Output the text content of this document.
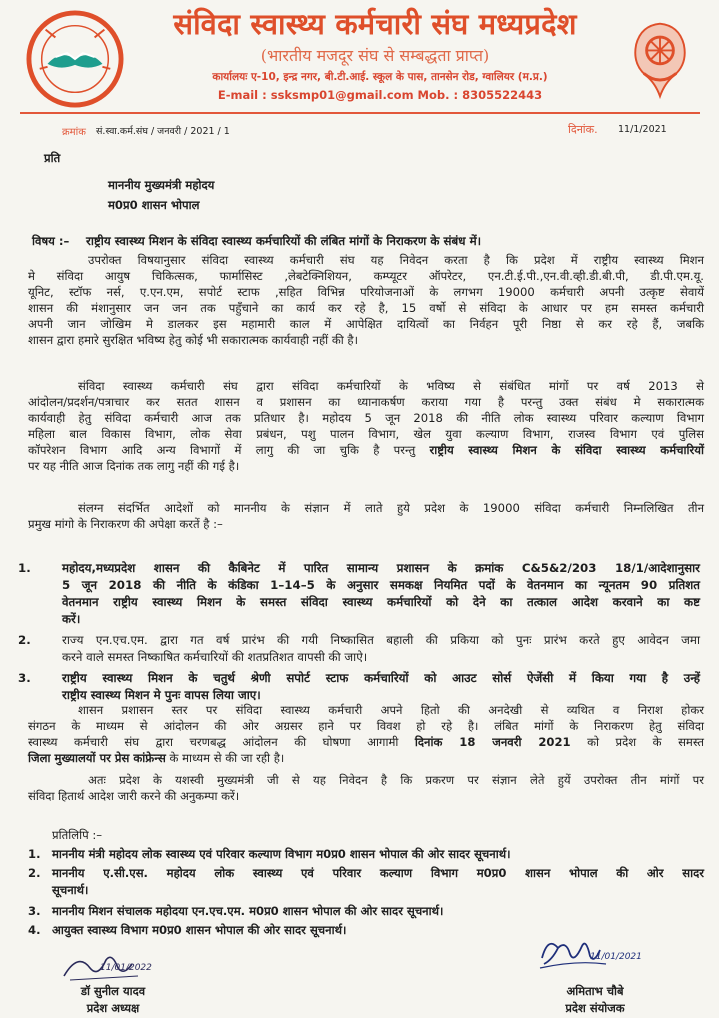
संविदा स्वास्थ्य कर्मचारी संघ मध्यप्रदेश
(भारतीय मजदूर संघ से सम्बद्धता प्राप्त)
कार्यालयः ए-10, इन्द्र नगर, बी.टी.आई. स्कूल के पास, तानसेन रोड, ग्वालियर (म.प्र.)
E-mail : ssksmp01@gmail.com Mob. : 8305522443
क्रमांक सं.स्वा.कर्म.संघ / जनवरी / 2021 / 1	दिनांक. 11/1/2021
प्रति
माननीय मुख्यमंत्री महोदय
म0प्र0 शासन भोपाल
विषय :– राष्ट्रीय स्वास्थ्य मिशन के संविदा स्वास्थ्य कर्मचारियों की लंबित मांगों के निराकरण के संबंध में।
उपरोक्त विषयानुसार संविदा स्वास्थ्य कर्मचारी संघ यह निवेदन करता है कि प्रदेश में राष्ट्रीय स्वास्थ्य मिशन
मे संविदा आयुष चिकित्सक, फार्मासिस्ट ,लेबटेक्निशियन, कम्प्यूटर ऑपरेटर, एन.टी.ई.पी.,एन.वी.व्ही.डी.बी.पी, डी.पी.एम.यू.
यूनिट, स्टॉफ नर्स, ए.एन.एम, सपोर्ट स्टाफ ,सहित विभिन्न परियोजनाओं के लगभग 19000 कर्मचारी अपनी उत्कृष्ट सेवायें
शासन की मंशानुसार जन जन तक पहुँचाने का कार्य कर रहे है, 15 वर्षो से संविदा के आधार पर हम समस्त कर्मचारी
अपनी जान जोखिम मे डालकर इस महामारी काल में आपेक्षित दायित्वों का निर्वहन पूरी निष्ठा से कर रहे हैं, जबकि
शासन द्वारा हमारे सुरक्षित भविष्य हेतु कोई भी सकारात्मक कार्यवाही नहीं की है।
संविदा स्वास्थ्य कर्मचारी संघ द्वारा संविदा कर्मचारियों के भविष्य से संबंधित मांगों पर वर्ष 2013 से
आंदोलन/प्रदर्शन/पत्राचार कर सतत शासन व प्रशासन का ध्यानाकर्षण कराया गया है परन्तु उक्त संबंध मे सकारात्मक
कार्यवाही हेतु संविदा कर्मचारी आज तक प्रतिधार है। महोदय 5 जून 2018 की नीति लोक स्वास्थ्य परिवार कल्याण विभाग
महिला बाल विकास विभाग, लोक सेवा प्रबंधन, पशु पालन विभाग, खेल युवा कल्याण विभाग, राजस्व विभाग एवं पुलिस
कॉपरेशन विभाग आदि अन्य विभागों में लागु की जा चुकि है परन्तु राष्ट्रीय स्वास्थ्य मिशन के संविदा स्वास्थ्य कर्मचारियों
पर यह नीति आज दिनांक तक लागु नहीं की गई है।
संलग्न संदर्भित आदेशों को माननीय के संज्ञान में लाते हुये प्रदेश के 19000 संविदा कर्मचारी निम्नलिखित तीन
प्रमुख मांगो के निराकरण की अपेक्षा करतें है :–
1.	महोदय,मध्यप्रदेश शासन की कैबिनेट में पारित सामान्य प्रशासन के क्रमांक C&5&2/203 18/1/आदेशानुसार
5 जून 2018 की नीति के कंडिका 1–14–5 के अनुसार समकक्ष नियमित पदों के वेतनमान का न्यूनतम 90 प्रतिशत
वेतनमान राष्ट्रीय स्वास्थ्य मिशन के समस्त संविदा स्वास्थ्य कर्मचारियों को देने का तत्काल आदेश करवाने का कष्ट
करें।
2.	राज्य एन.एच.एम. द्वारा गत वर्ष प्रारंभ की गयी निष्कासित बहाली की प्रकिया को पुनः प्रारंभ करते हुए आवेदन जमा
करने वाले समस्त निष्काषित कर्मचारियों की शतप्रतिशत वापसी की जाऐ।
3.	राष्ट्रीय स्वास्थ्य मिशन के चतुर्थ श्रेणी सपोर्ट स्टाफ कर्मचारियों को आउट सोर्स ऐजेंसी में किया गया है उन्हें
राष्ट्रीय स्वास्थ्य मिशन मे पुनः वापस लिया जाए।
शासन प्रशासन स्तर पर संविदा स्वास्थ्य कर्मचारी अपने हितो की अनदेखी से व्यथित व निराश होकर
संगठन के माध्यम से आंदोलन की ओर अग्रसर हाने पर विवश हो रहे है। लंबित मांगों के निराकरण हेतु संविदा
स्वास्थ्य कर्मचारी संघ द्वारा चरणबद्ध आंदोलन की घोषणा आगामी दिनांक 18 जनवरी 2021 को प्रदेश के समस्त
जिला मुख्यालयों पर प्रेस कांफ्रेन्स के माध्यम से की जा रही है।
अतः प्रदेश के यशस्वी मुख्यमंत्री जी से यह निवेदन है कि प्रकरण पर संज्ञान लेते हुयें उपरोक्त तीन मांगों पर
संविदा हितार्थ आदेश जारी करने की अनुकम्पा करें।
प्रतिलिपि :–
1. माननीय मंत्री महोदय लोक स्वास्थ्य एवं परिवार कल्याण विभाग म0प्र0 शासन भोपाल की ओर सादर सूचनार्थ।
2. माननीय ए.सी.एस. महोदय लोक स्वास्थ्य एवं परिवार कल्याण विभाग म0प्र0 शासन भोपाल की ओर सादर
सूचनार्थ।
3. माननीय मिशन संचालक महोदया एन.एच.एम. म0प्र0 शासन भोपाल की ओर सादर सूचनार्थ।
4. आयुक्त स्वास्थ्य विभाग म0प्र0 शासन भोपाल की ओर सादर सूचनार्थ।
11/01/2022
डॉ सुनील यादव
प्रदेश अध्यक्ष
11/01/2021
अमिताभ चौबे
प्रदेश संयोजक
